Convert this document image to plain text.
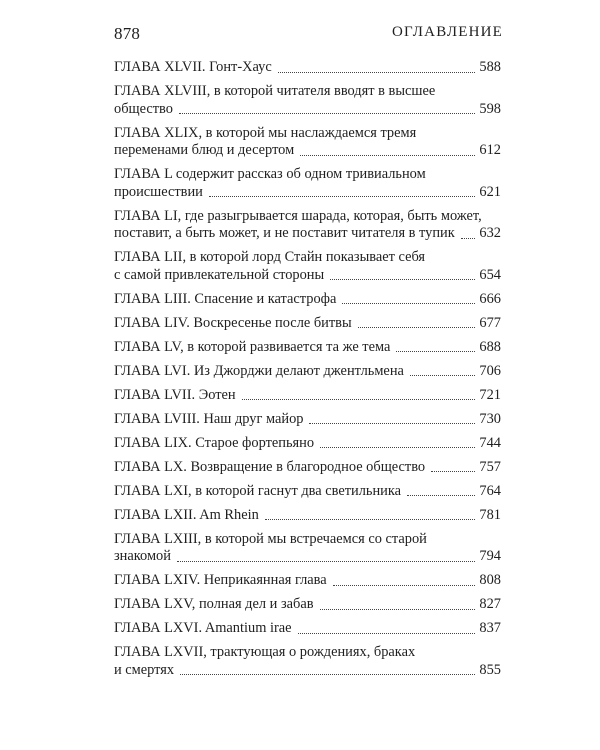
878	ОГЛАВЛЕНИЕ
ГЛАВА XLVII. Гонт-Хаус	588
ГЛАВА XLVIII, в которой читателя вводят в высшее
общество	598
ГЛАВА XLIX, в которой мы наслаждаемся тремя
переменами блюд и десертом	612
ГЛАВА L содержит рассказ об одном тривиальном
происшествии	621
ГЛАВА LI, где разыгрывается шарада, которая, быть может,
поставит, а быть может, и не поставит читателя в тупик 632
ГЛАВА LII, в которой лорд Стайн показывает себя
с самой привлекательной стороны	654
ГЛАВА LIII. Спасение и катастрофа	666
ГЛАВА LIV. Воскресенье после битвы	677
ГЛАВА LV, в которой развивается та же тема	688
ГЛАВА LVI. Из Джорджи делают джентльмена	706
ГЛАВА LVII. Эотен	721
ГЛАВА LVIII. Наш друг майор	730
ГЛАВА LIX. Старое фортепьяно	744
ГЛАВА LX. Возвращение в благородное общество	757
ГЛАВА LXI, в которой гаснут два светильника	764
ГЛАВА LXII. Am Rhein	781
ГЛАВА LXIII, в которой мы встречаемся со старой
знакомой	794
ГЛАВА LXIV. Неприкаянная глава	808
ГЛАВА LXV, полная дел и забав	827
ГЛАВА LXVI. Amantium irae	837
ГЛАВА LXVII, трактующая о рождениях, браках
и смертях	855
